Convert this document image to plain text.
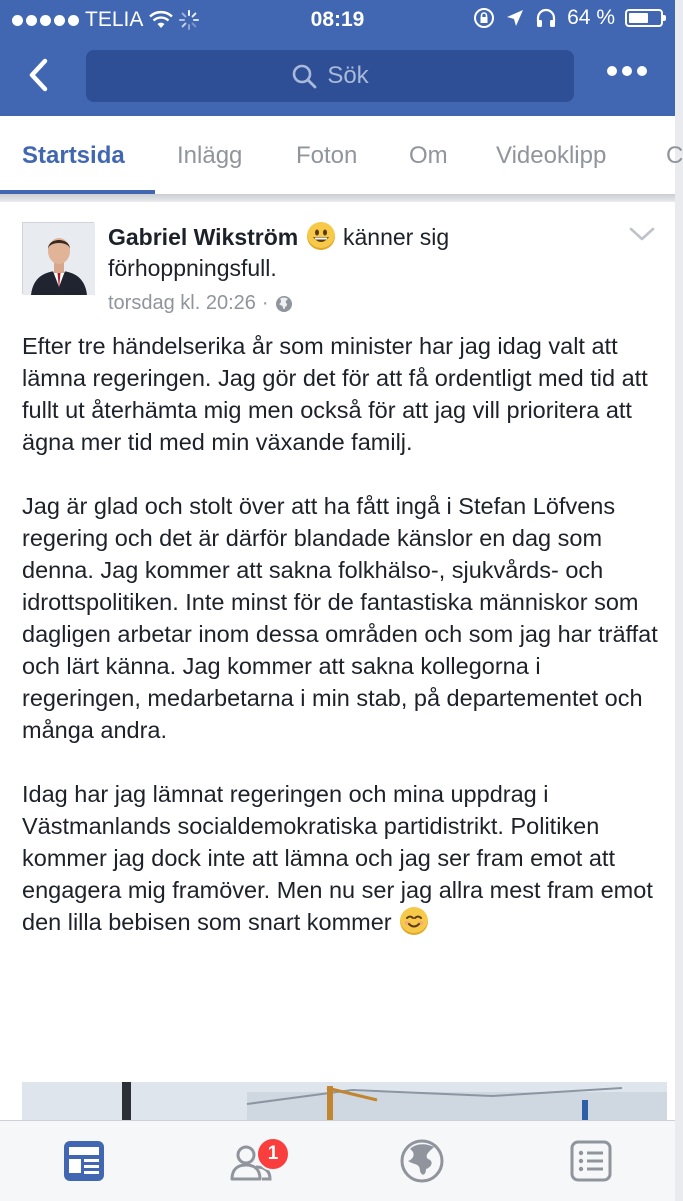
TELIA	08:19	64 %
Sök
Startsida Inlägg Foton Om Videoklipp C
Gabriel Wikström känner sig förhoppningsfull.
torsdag kl. 20:26 ·

Efter tre händelserika år som minister har jag idag valt att lämna regeringen. Jag gör det för att få ordentligt med tid att fullt ut återhämta mig men också för att jag vill prioritera att ägna mer tid med min växande familj.

Jag är glad och stolt över att ha fått ingå i Stefan Löfvens regering och det är därför blandade känslor en dag som denna. Jag kommer att sakna folkhälso-, sjukvårds- och idrottspolitiken. Inte minst för de fantastiska människor som dagligen arbetar inom dessa områden och som jag har träffat och lärt känna. Jag kommer att sakna kollegorna i regeringen, medarbetarna i min stab, på departementet och många andra.

Idag har jag lämnat regeringen och mina uppdrag i Västmanlands socialdemokratiska partidistrikt. Politiken kommer jag dock inte att lämna och jag ser fram emot att engagera mig framöver. Men nu ser jag allra mest fram emot den lilla bebisen som snart kommer

1
